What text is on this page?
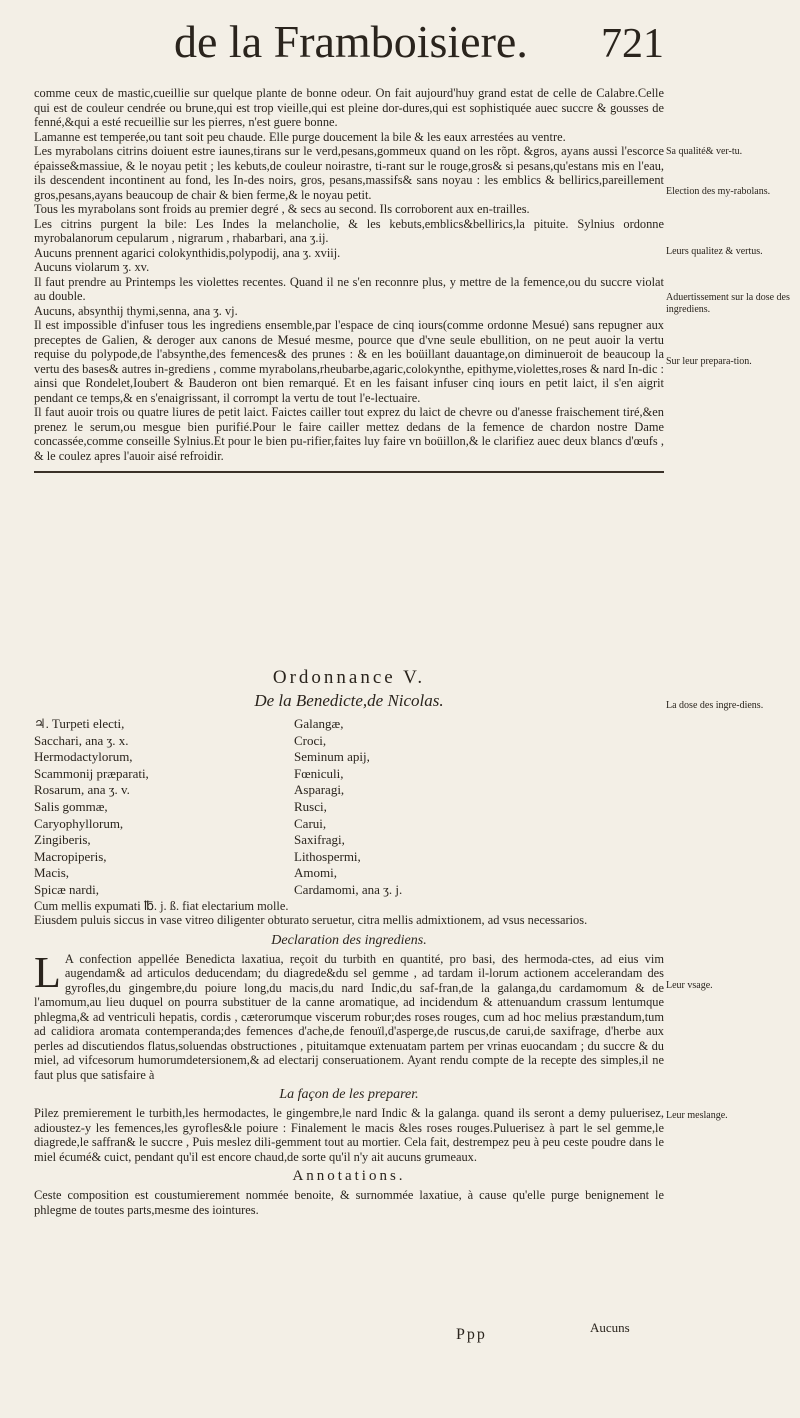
de la Framboisiere. 721

comme ceux de mastic,cueillie sur quelque plante de bonne odeur. On fait aujourd'huy grand estat de celle de Calabre.Celle qui est de couleur cendrée ou brune,qui est trop vieille,qui est pleine dor-dures,qui est sophistiquée auec succre & gousses de fenné,&qui a esté recueillie sur les pierres, n'est guere bonne.

Lamanne est temperée,ou tant soit peu chaude. Elle purge doucement la bile & les eaux arrestées au ventre.

Les myrabolans citrins doiuent estre iaunes,tirans sur le verd,pesans,gommeux quand on les rõpt. &gros, ayans aussi l'escorce épaisse&massiue, & le noyau petit ; les kebuts,de couleur noirastre, ti-rant sur le rouge,gros& si pesans,qu'estans mis en l'eau, ils descendent incontinent au fond, les In-des noirs, gros, pesans,massifs& sans noyau : les emblics & bellirics,pareillement gros,pesans,ayans beaucoup de chair & bien ferme,& le noyau petit.

Tous les myrabolans sont froids au premier degré , & secs au second. Ils corroborent aux en-trailles.

Les citrins purgent la bile: Les Indes la melancholie, & les kebuts,emblics&bellirics,la pituite. Sylnius ordonne myrobalanorum cepularum , nigrarum , rhabarbari, ana ʒ.ij.

Aucuns prennent agarici colokynthidis,polypodij, ana ʒ. xviij.

Aucuns violarum ʒ. xv.

Il faut prendre au Printemps les violettes recentes. Quand il ne s'en reconnre plus, y mettre de la femence,ou du succre violat au double.

Aucuns, absynthij thymi,senna, ana ʒ. vj.

Il est impossible d'infuser tous les ingrediens ensemble,par l'espace de cinq iours(comme ordonne Mesué) sans repugner aux preceptes de Galien, & deroger aux canons de Mesué mesme, pource que d'vne seule ebullition, on ne peut auoir la vertu requise du polypode,de l'absynthe,des femences& des prunes : & en les boüillant dauantage,on diminueroit de beaucoup la vertu des bases& autres in-grediens , comme myrabolans,rheubarbe,agaric,colokynthe, epithyme,violettes,roses & nard In-dic : ainsi que Rondelet,Ioubert & Bauderon ont bien remarqué. Et en les faisant infuser cinq iours en petit laict, il s'en aigrit pendant ce temps,& en s'enaigrissant, il corrompt la vertu de tout l'e-lectuaire.

Il faut auoir trois ou quatre liures de petit laict. Faictes cailler tout exprez du laict de chevre ou d'anesse fraischement tiré,&en prenez le serum,ou mesgue bien purifié.Pour le faire cailler mettez dedans de la femence de chardon nostre Dame concassée,comme conseille Sylnius.Et pour le bien pu-rifier,faites luy faire vn boüillon,& le clarifiez auec deux blancs d'œufs , & le coulez apres l'auoir aisé refroidir.

Ordonnance V.

De la Benedicte,de Nicolas.

♃. Turpeti electi,
Sacchari, ana ʒ. x.
Hermodactylorum,
Scammonij præparati,
Rosarum, ana ʒ. v.
Salis gommæ,
Caryophyllorum,
Zingiberis,
Macropiperis,
Macis,
Spicæ nardi,
Galangæ,
Croci,
Seminum apij,
Fœniculi,
Asparagi,
Rusci,
Carui,
Saxifragi,
Lithospermi,
Amomi,
Cardamomi, ana ʒ. j.

Cum mellis expumati ℔. j. ß. fiat electarium molle.

Eiusdem puluis siccus in vase vitreo diligenter obturato seruetur, citra mellis admixtionem, ad vsus necessarios.

Declaration des ingrediens.

L A confection appellée Benedicta laxatiua, reçoit du turbith en quantité, pro basi, des hermoda-ctes, ad eius vim augendam& ad articulos deducendam; du diagrede&du sel gemme , ad tardam il-lorum actionem accelerandam des gyrofles,du gingembre,du poiure long,du macis,du nard Indic,du saf-fran,de la galanga,du cardamomum & de l'amomum,au lieu duquel on pourra substituer de la canne aromatique, ad incidendum & attenuandum crassum lentumque phlegma,& ad ventriculi hepatis, cordis , cæterorumque viscerum robur;des roses rouges, cum ad hoc melius præstandum,tum ad calidiora aromata contemperanda;des femences d'ache,de fenouïl,d'asperge,de ruscus,de carui,de saxifrage, d'herbe aux perles ad discutiendos flatus,soluendas obstructiones , pituitamque extenuatam partem per vrinas euocandam ; du succre & du miel, ad vifcesorum humorumdetersionem,& ad electarij conseruationem. Ayant rendu compte de la recepte des simples,il ne faut plus que satisfaire à

La façon de les preparer.

Pilez premierement le turbith,les hermodactes, le gingembre,le nard Indic & la galanga. quand ils seront a demy puluerisez, adioustez-y les femences,les gyrofles&le poiure : Finalement le macis &les roses rouges.Puluerisez à part le sel gemme,le diagrede,le saffran& le succre , Puis meslez dili-gemment tout au mortier. Cela fait, destrempez peu à peu ceste poudre dans le miel écumé& cuict, pendant qu'il est encore chaud,de sorte qu'il n'y ait aucuns grumeaux.

Annotations.

Ceste composition est coustumierement nommée benoite, & surnommée laxatiue, à cause qu'elle purge benignement le phlegme de toutes parts,mesme des iointures.

Ppp	Aucuns

Sa qualité& ver-tu.

Election des my-rabolans.

Leurs qualitez & vertus.

Aduertissement sur la dose des ingrediens.

Sur leur prepara-tion.

La dose des ingre-diens.

Leur vsage.

Leur meslange.
